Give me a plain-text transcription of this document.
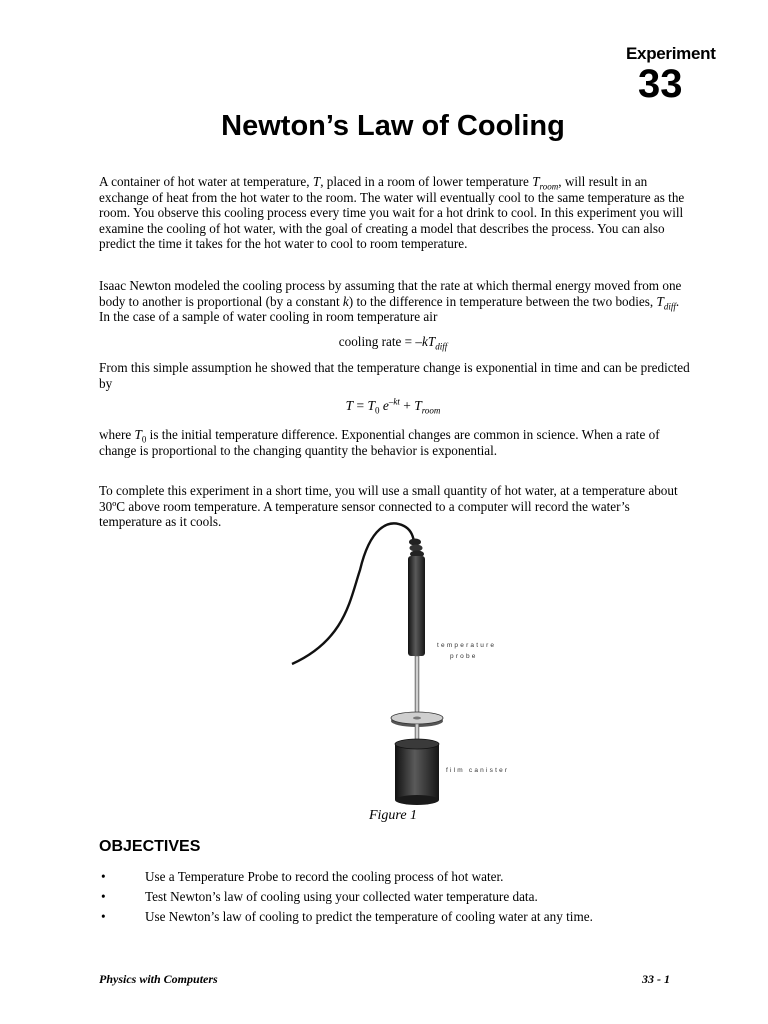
Experiment
33
Newton’s Law of Cooling

A container of hot water at temperature, T, placed in a room of lower temperature $T_{room}$, will result in an exchange of heat from the hot water to the room. The water will eventually cool to the same temperature as the room. You observe this cooling process every time you wait for a hot drink to cool. In this experiment you will examine the cooling of hot water, with the goal of creating a model that describes the process. You can also predict the time it takes for the hot water to cool to room temperature.

Isaac Newton modeled the cooling process by assuming that the rate at which thermal energy moved from one body to another is proportional (by a constant k) to the difference in temperature between the two bodies, $T_{diff}$. In the case of a sample of water cooling in room temperature air

cooling rate = $-kT_{diff}$

From this simple assumption he showed that the temperature change is exponential in time and can be predicted by

$T = T_0$ $e^{-kt} + T_{room}$

where $T_0$ is the initial temperature difference. Exponential changes are common in science. When a rate of change is proportional to the changing quantity the behavior is exponential.

To complete this experiment in a short time, you will use a small quantity of hot water, at a temperature about 30ºC above room temperature. A temperature sensor connected to a computer will record the water’s temperature as it cools.

temperature
probe
film canister
Figure 1
OBJECTIVES
• Use a Temperature Probe to record the cooling process of hot water.
• Test Newton’s law of cooling using your collected water temperature data.
• Use Newton’s law of cooling to predict the temperature of cooling water at any time.
Physics with Computers	33 - 1
